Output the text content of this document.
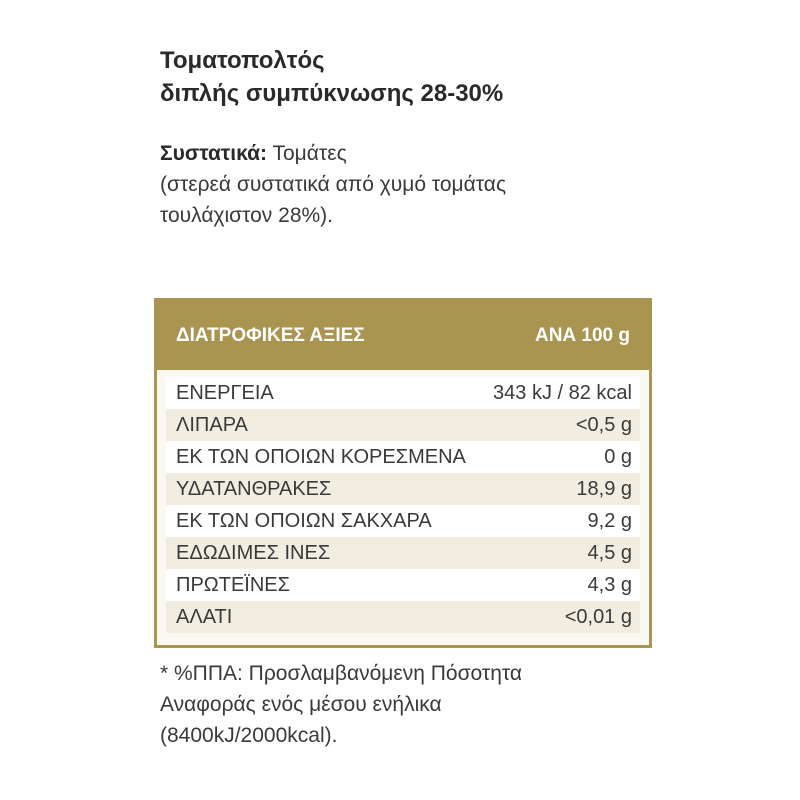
Τοματοπολτός
διπλής συμπύκνωσης 28-30%
Συστατικά: Τομάτες
(στερεά συστατικά από χυμό τομάτας
τουλάχιστον 28%).
ΔΙΑΤΡΟΦΙΚΕΣ ΑΞΙΕΣ	ΑΝΑ 100 g
ΕΝΕΡΓΕΙΑ	343 kJ / 82 kcal
ΛΙΠΑΡΑ	<0,5 g
ΕΚ ΤΩΝ ΟΠΟΙΩΝ ΚΟΡΕΣΜΕΝΑ	0 g
ΥΔΑΤΑΝΘΡΑΚΕΣ	18,9 g
ΕΚ ΤΩΝ ΟΠΟΙΩΝ ΣΑΚΧΑΡΑ	9,2 g
ΕΔΩΔΙΜΕΣ ΙΝΕΣ	4,5 g
ΠΡΩΤΕΪΝΕΣ	4,3 g
ΑΛΑΤΙ	<0,01 g
* %ΠΠΑ: Προσλαμβανόμενη Πόσοτητα
Αναφοράς ενός μέσου ενήλικα
(8400kJ/2000kcal).
